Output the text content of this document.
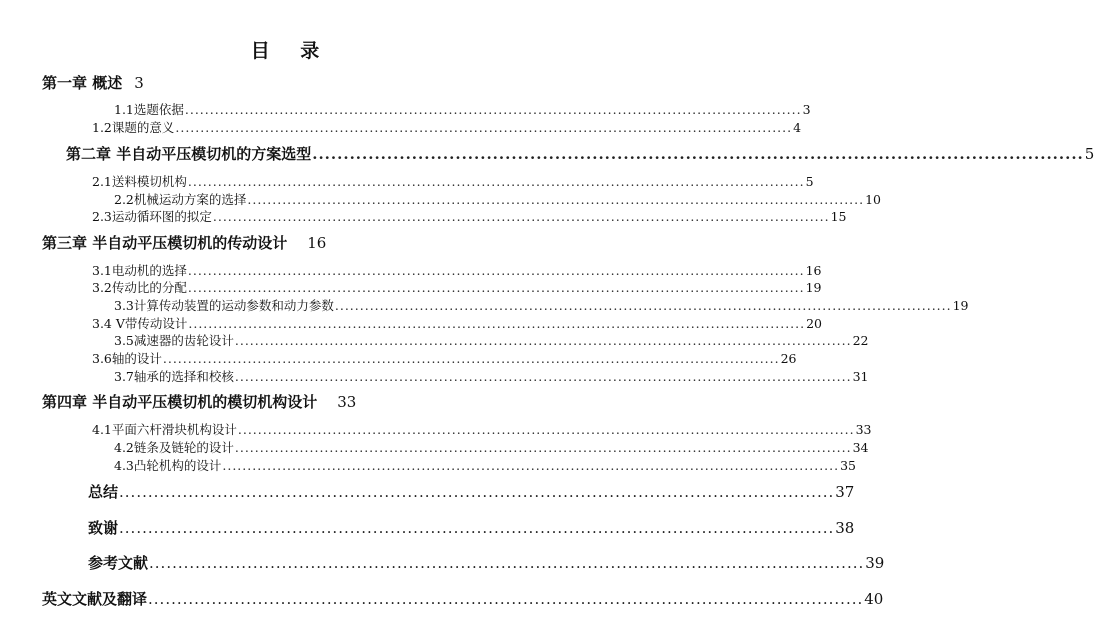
目 录
第一章 概述 3
1.1选题依据 ............................................................................................................................ 3
1.2课题的意义 ............................................................................................................................ 4
第二章 半自动平压模切机的方案选型 ............................................................................................................................ 5
2.1送料模切机构 ............................................................................................................................ 5
2.2机械运动方案的选择 ............................................................................................................................ 10
2.3运动循环图的拟定 ............................................................................................................................ 15
第三章 半自动平压模切机的传动设计 16
3.1电动机的选择 ............................................................................................................................ 16
3.2传动比的分配 ............................................................................................................................ 19
3.3计算传动装置的运动参数和动力参数 ............................................................................................................................ 19
3.4 V带传动设计 ............................................................................................................................ 20
3.5减速器的齿轮设计 ............................................................................................................................ 22
3.6轴的设计 ............................................................................................................................ 26
3.7轴承的选择和校核 ............................................................................................................................ 31
第四章 半自动平压模切机的模切机构设计 33
4.1平面六杆滑块机构设计 ............................................................................................................................ 33
4.2链条及链轮的设计 ............................................................................................................................ 34
4.3凸轮机构的设计 ............................................................................................................................ 35
总结 ............................................................................................................................ 37
致谢 ............................................................................................................................ 38
参考文献 ............................................................................................................................ 39
英文文献及翻译 ............................................................................................................................ 40
